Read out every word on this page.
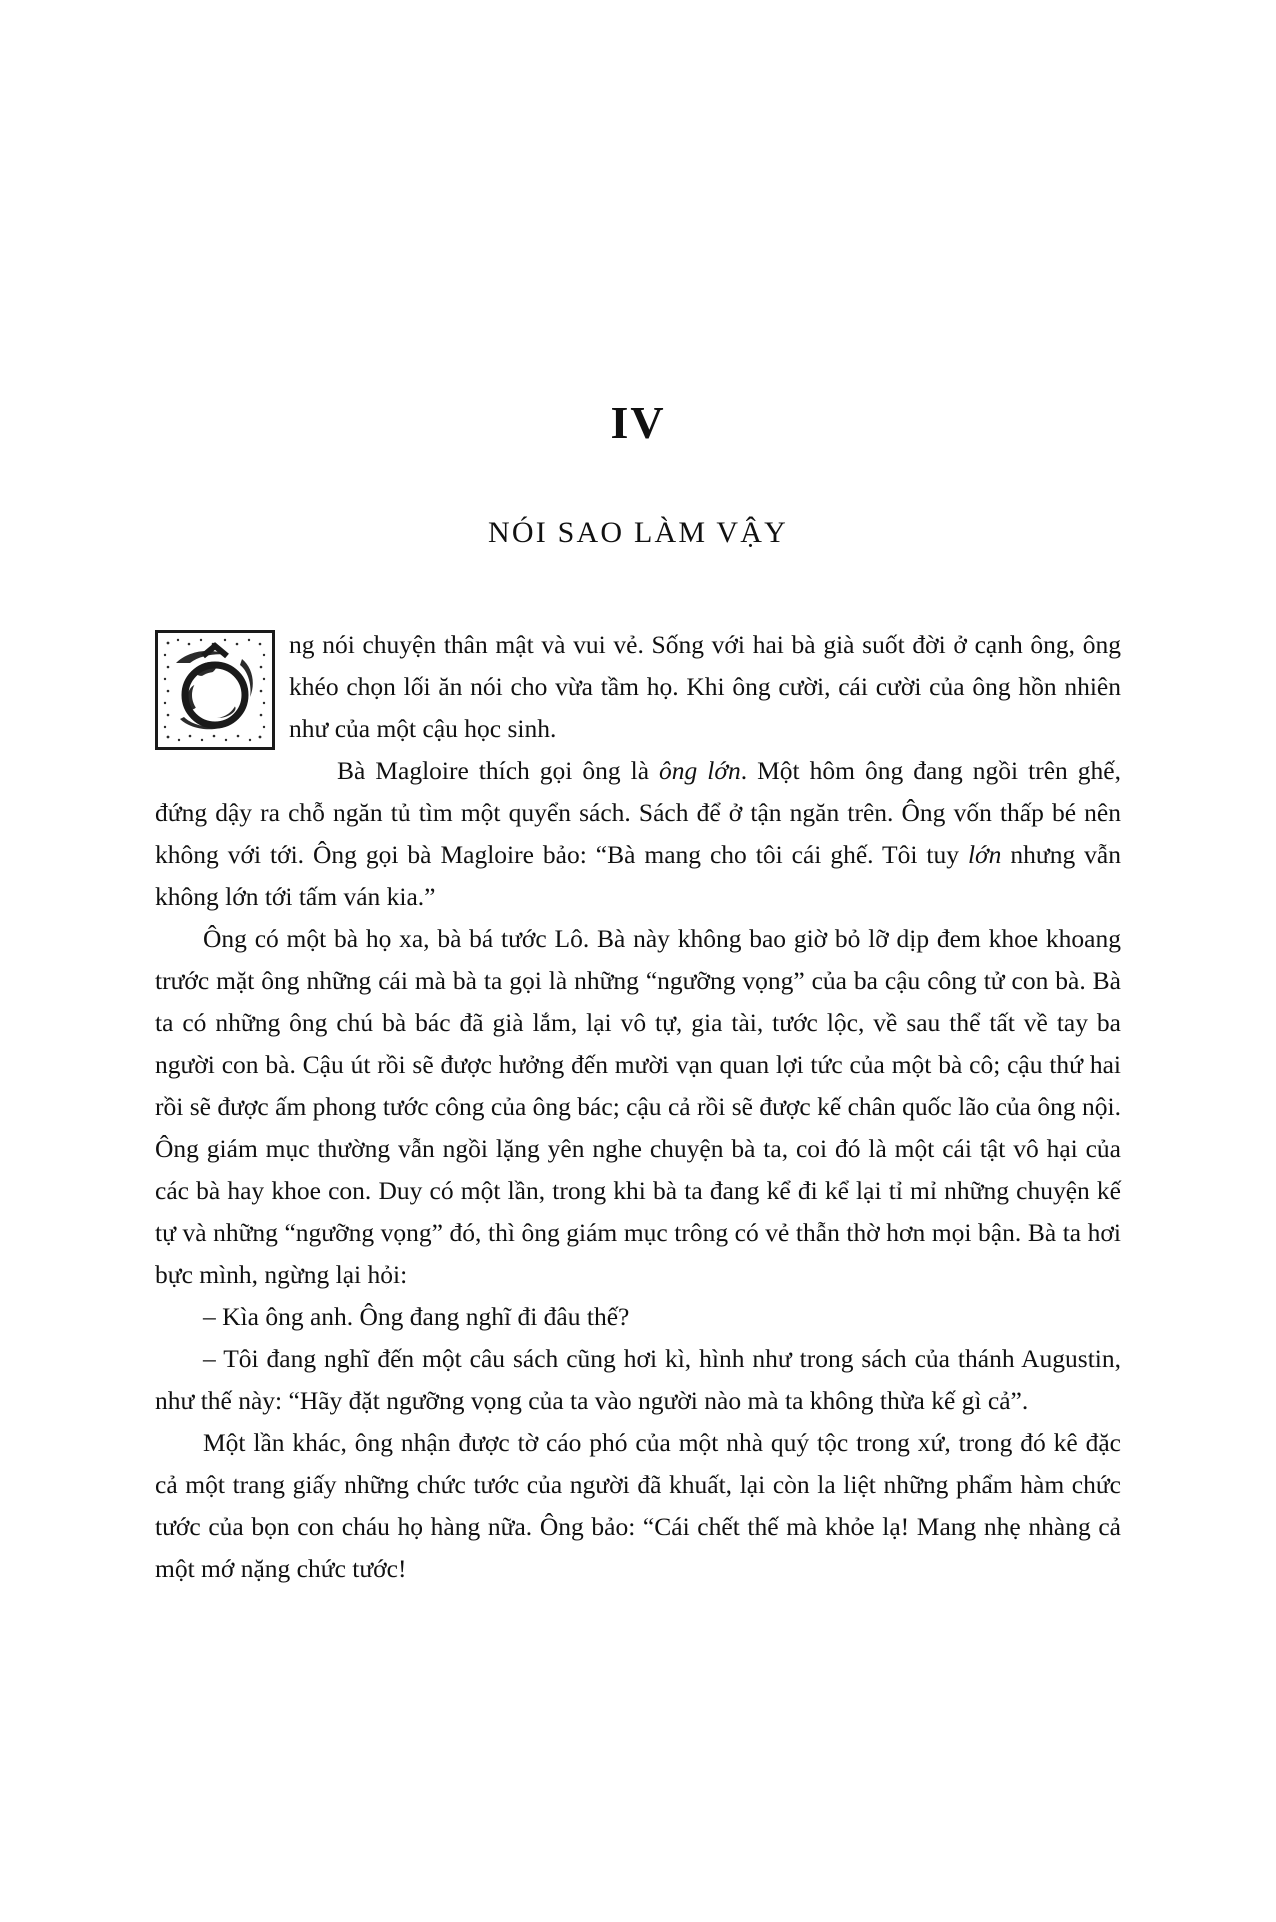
IV
NÓI SAO LÀM VẬY

ng nói chuyện thân mật và vui vẻ. Sống với hai bà già suốt đời ở cạnh ông, ông khéo chọn lối ăn nói cho vừa tầm họ. Khi ông cười, cái cười của ông hồn nhiên như của một cậu học sinh.

Bà Magloire thích gọi ông là ông lớn. Một hôm ông đang ngồi trên ghế, đứng dậy ra chỗ ngăn tủ tìm một quyển sách. Sách để ở tận ngăn trên. Ông vốn thấp bé nên không với tới. Ông gọi bà Magloire bảo: “Bà mang cho tôi cái ghế. Tôi tuy lớn nhưng vẫn không lớn tới tấm ván kia.”

Ông có một bà họ xa, bà bá tước Lô. Bà này không bao giờ bỏ lỡ dịp đem khoe khoang trước mặt ông những cái mà bà ta gọi là những “ngưỡng vọng” của ba cậu công tử con bà. Bà ta có những ông chú bà bác đã già lắm, lại vô tự, gia tài, tước lộc, về sau thể tất về tay ba người con bà. Cậu út rồi sẽ được hưởng đến mười vạn quan lợi tức của một bà cô; cậu thứ hai rồi sẽ được ấm phong tước công của ông bác; cậu cả rồi sẽ được kế chân quốc lão của ông nội. Ông giám mục thường vẫn ngồi lặng yên nghe chuyện bà ta, coi đó là một cái tật vô hại của các bà hay khoe con. Duy có một lần, trong khi bà ta đang kể đi kể lại tỉ mỉ những chuyện kế tự và những “ngưỡng vọng” đó, thì ông giám mục trông có vẻ thẫn thờ hơn mọi bận. Bà ta hơi bực mình, ngừng lại hỏi:

– Kìa ông anh. Ông đang nghĩ đi đâu thế?

– Tôi đang nghĩ đến một câu sách cũng hơi kì, hình như trong sách của thánh Augustin, như thế này: “Hãy đặt ngưỡng vọng của ta vào người nào mà ta không thừa kế gì cả”.

Một lần khác, ông nhận được tờ cáo phó của một nhà quý tộc trong xứ, trong đó kê đặc cả một trang giấy những chức tước của người đã khuất, lại còn la liệt những phẩm hàm chức tước của bọn con cháu họ hàng nữa. Ông bảo: “Cái chết thế mà khỏe lạ! Mang nhẹ nhàng cả một mớ nặng chức tước!
